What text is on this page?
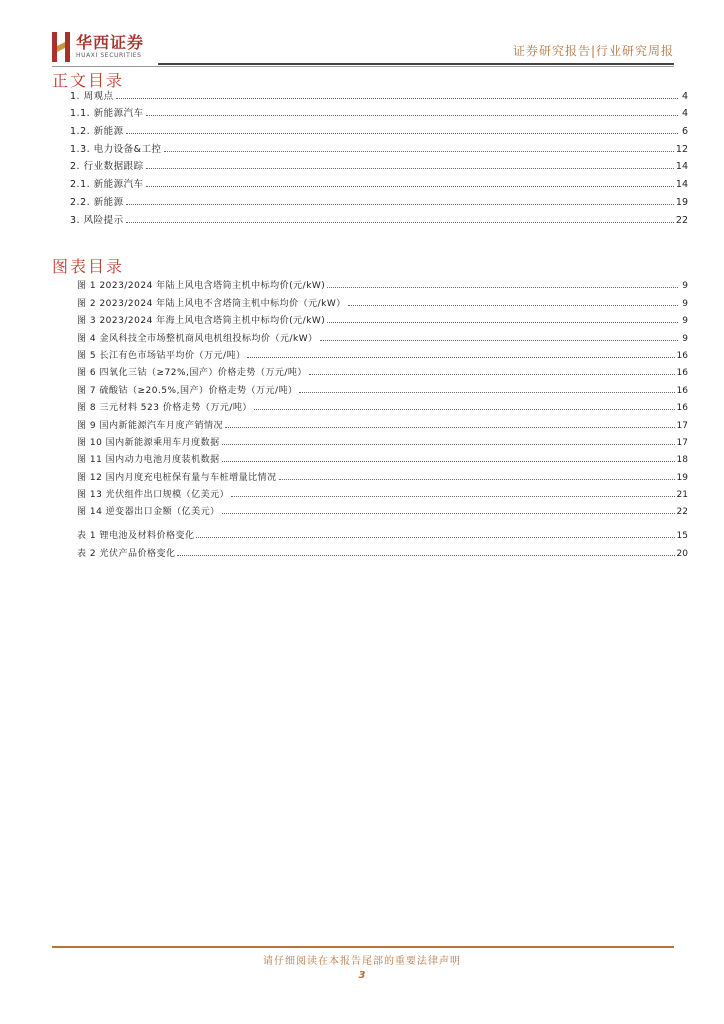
华西证券
HUAXI SECURITIES	证券研究报告|行业研究周报
正文目录
1. 周观点	4
1.1. 新能源汽车	4
1.2. 新能源	6
1.3. 电力设备&工控	12
2. 行业数据跟踪	14
2.1. 新能源汽车	14
2.2. 新能源	19
3. 风险提示	22
图表目录
图 1 2023/2024 年陆上风电含塔筒主机中标均价(元/kW)	9
图 2 2023/2024 年陆上风电不含塔筒主机中标均价（元/kW）	9
图 3 2023/2024 年海上风电含塔筒主机中标均价(元/kW)	9
图 4 金风科技全市场整机商风电机组投标均价（元/kW）	9
图 5 长江有色市场钴平均价（万元/吨）	16
图 6 四氧化三钴（≥72%,国产）价格走势（万元/吨）	16
图 7 硫酸钴（≥20.5%,国产）价格走势（万元/吨）	16
图 8 三元材料 523 价格走势（万元/吨）	16
图 9 国内新能源汽车月度产销情况	17
图 10 国内新能源乘用车月度数据	17
图 11 国内动力电池月度装机数据	18
图 12 国内月度充电桩保有量与车桩增量比情况	19
图 13 光伏组件出口规模（亿美元）	21
图 14 逆变器出口金额（亿美元）	22
表 1 锂电池及材料价格变化	15
表 2 光伏产品价格变化	20
请仔细阅读在本报告尾部的重要法律声明
3
